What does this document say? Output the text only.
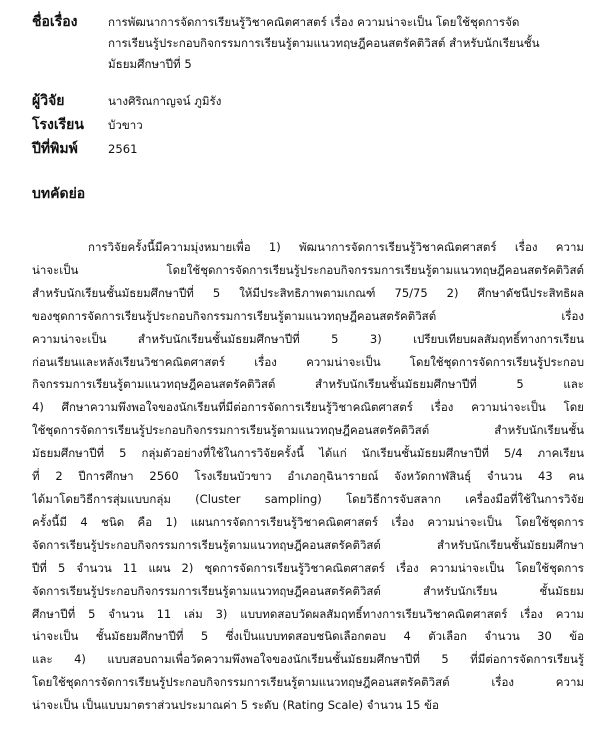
ชื่อเรื่อง	การพัฒนาการจัดการเรียนรู้วิชาคณิตศาสตร์ เรื่อง ความน่าจะเป็น โดยใช้ชุดการจัด
การเรียนรู้ประกอบกิจกรรมการเรียนรู้ตามแนวทฤษฎีคอนสตรัคติวิสต์ สำหรับนักเรียนชั้น
มัธยมศึกษาปีที่ 5
ผู้วิจัย	นางศิริณกาญจน์ ภูมิรัง
โรงเรียน บัวขาว
ปีที่พิมพ์	2561
บทคัดย่อ
การวิจัยครั้งนี้มีความมุ่งหมายเพื่อ 1) พัฒนาการจัดการเรียนรู้วิชาคณิตศาสตร์ เรื่อง ความ
น่าจะเป็น โดยใช้ชุดการจัดการเรียนรู้ประกอบกิจกรรมการเรียนรู้ตามแนวทฤษฎีคอนสตรัคติวิสต์
สำหรับนักเรียนชั้นมัธยมศึกษาปีที่ 5 ให้มีประสิทธิภาพตามเกณฑ์ 75/75 2) ศึกษาดัชนีประสิทธิผล
ของชุดการจัดการเรียนรู้ประกอบกิจกรรมการเรียนรู้ตามแนวทฤษฎีคอนสตรัคติวิสต์ เรื่อง
ความน่าจะเป็น สำหรับนักเรียนชั้นมัธยมศึกษาปีที่ 5 3) เปรียบเทียบผลสัมฤทธิ์ทางการเรียน
ก่อนเรียนและหลังเรียนวิชาคณิตศาสตร์ เรื่อง ความน่าจะเป็น โดยใช้ชุดการจัดการเรียนรู้ประกอบ
กิจกรรมการเรียนรู้ตามแนวทฤษฎีคอนสตรัคติวิสต์ สำหรับนักเรียนชั้นมัธยมศึกษาปีที่ 5 และ
4) ศึกษาความพึงพอใจของนักเรียนที่มีต่อการจัดการเรียนรู้วิชาคณิตศาสตร์ เรื่อง ความน่าจะเป็น โดย
ใช้ชุดการจัดการเรียนรู้ประกอบกิจกรรมการเรียนรู้ตามแนวทฤษฎีคอนสตรัคติวิสต์ สำหรับนักเรียนชั้น
มัธยมศึกษาปีที่ 5 กลุ่มตัวอย่างที่ใช้ในการวิจัยครั้งนี้ ได้แก่ นักเรียนชั้นมัธยมศึกษาปีที่ 5/4 ภาคเรียน
ที่ 2 ปีการศึกษา 2560 โรงเรียนบัวขาว อำเภอกุฉินารายณ์ จังหวัดกาฬสินธุ์ จำนวน 43 คน
ได้มาโดยวิธีการสุ่มแบบกลุ่ม (Cluster sampling) โดยวิธีการจับสลาก เครื่องมือที่ใช้ในการวิจัย
ครั้งนี้มี 4 ชนิด คือ 1) แผนการจัดการเรียนรู้วิชาคณิตศาสตร์ เรื่อง ความน่าจะเป็น โดยใช้ชุดการ
จัดการเรียนรู้ประกอบกิจกรรมการเรียนรู้ตามแนวทฤษฎีคอนสตรัคติวิสต์ สำหรับนักเรียนชั้นมัธยมศึกษา
ปีที่ 5 จำนวน 11 แผน 2) ชุดการจัดการเรียนรู้วิชาคณิตศาสตร์ เรื่อง ความน่าจะเป็น โดยใช้ชุดการ
จัดการเรียนรู้ประกอบกิจกรรมการเรียนรู้ตามแนวทฤษฎีคอนสตรัคติวิสต์ สำหรับนักเรียน ชั้นมัธยม
ศึกษาปีที่ 5 จำนวน 11 เล่ม 3) แบบทดสอบวัดผลสัมฤทธิ์ทางการเรียนวิชาคณิตศาสตร์ เรื่อง ความ
น่าจะเป็น ชั้นมัธยมศึกษาปีที่ 5 ซึ่งเป็นแบบทดสอบชนิดเลือกตอบ 4 ตัวเลือก จำนวน 30 ข้อ
และ 4) แบบสอบถามเพื่อวัดความพึงพอใจของนักเรียนชั้นมัธยมศึกษาปีที่ 5 ที่มีต่อการจัดการเรียนรู้
โดยใช้ชุดการจัดการเรียนรู้ประกอบกิจกรรมการเรียนรู้ตามแนวทฤษฎีคอนสตรัคติวิสต์ เรื่อง ความ
น่าจะเป็น เป็นแบบมาตราส่วนประมาณค่า 5 ระดับ (Rating Scale) จำนวน 15 ข้อ
